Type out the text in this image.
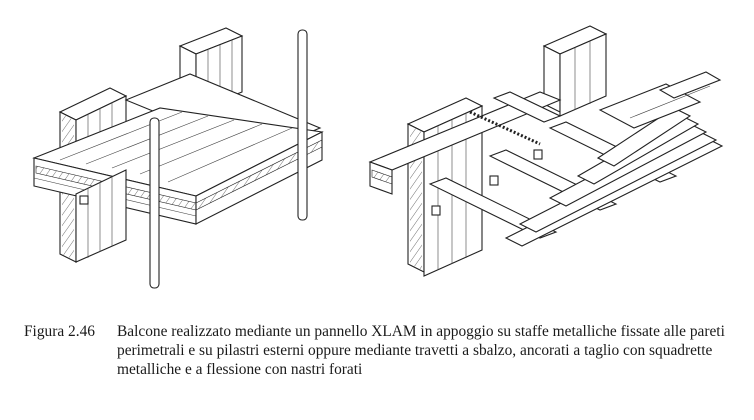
Figura 2.46	Balcone realizzato mediante un pannello XLAM in appoggio su staffe metalliche fissate alle pareti perimetrali e su pilastri esterni oppure mediante travetti a sbalzo, ancorati a taglio con squadrette metalliche e a flessione con nastri forati
